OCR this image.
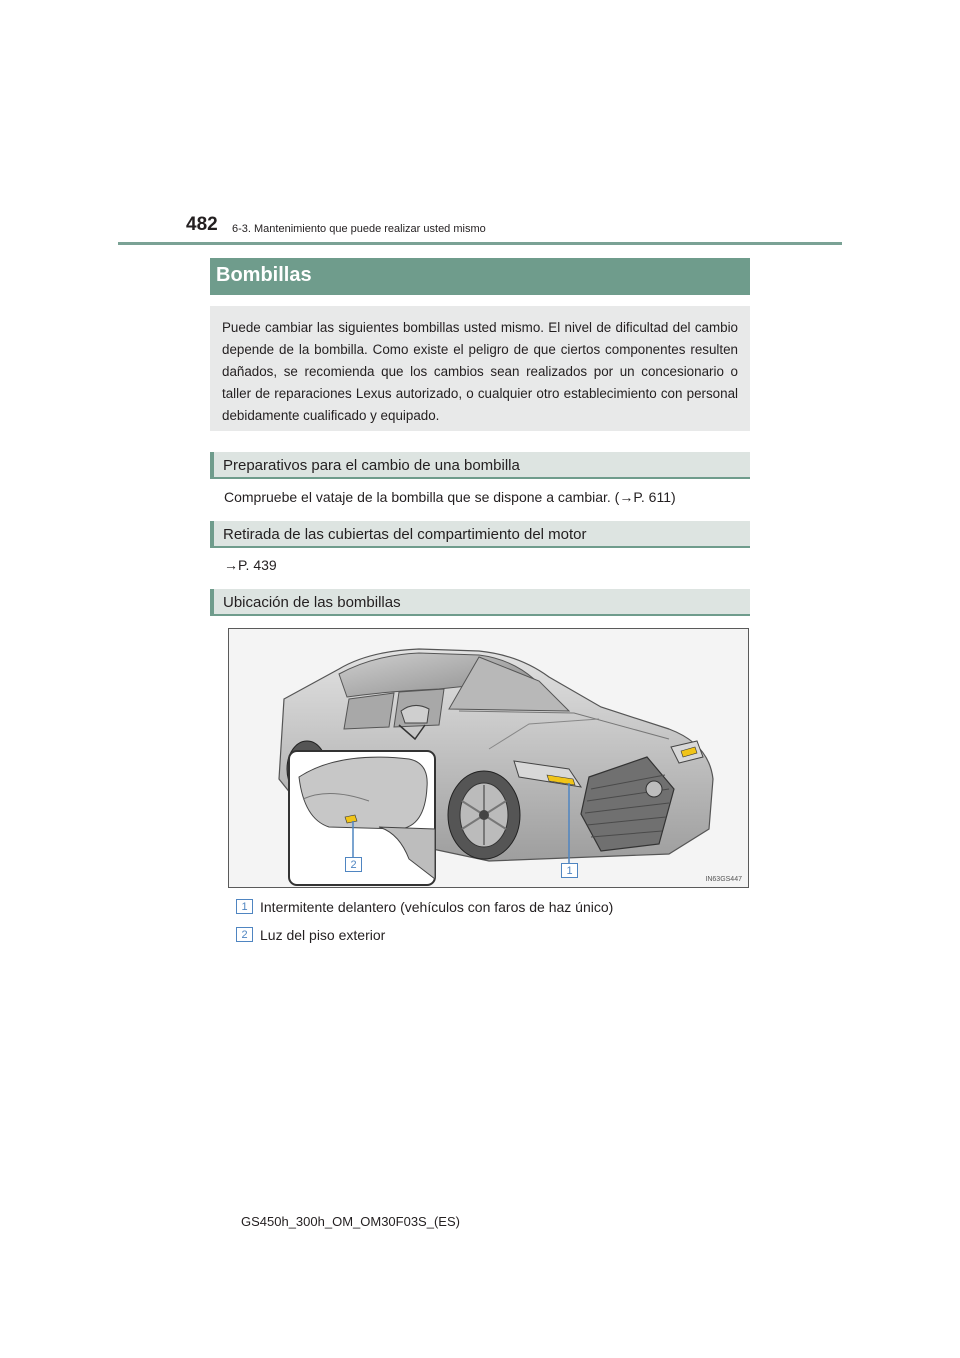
482 6-3. Mantenimiento que puede realizar usted mismo
Bombillas
Puede cambiar las siguientes bombillas usted mismo. El nivel de dificultad del cambio depende de la bombilla. Como existe el peligro de que ciertos componentes resulten dañados, se recomienda que los cambios sean realizados por un concesionario o taller de reparaciones Lexus autorizado, o cualquier otro establecimiento con personal debidamente cualificado y equipado.
Preparativos para el cambio de una bombilla
Compruebe el vataje de la bombilla que se dispone a cambiar. (→P. 611)
Retirada de las cubiertas del compartimiento del motor
→P. 439
Ubicación de las bombillas
1
2
IN63GS447
1 Intermitente delantero (vehículos con faros de haz único)
2 Luz del piso exterior
GS450h_300h_OM_OM30F03S_(ES)
